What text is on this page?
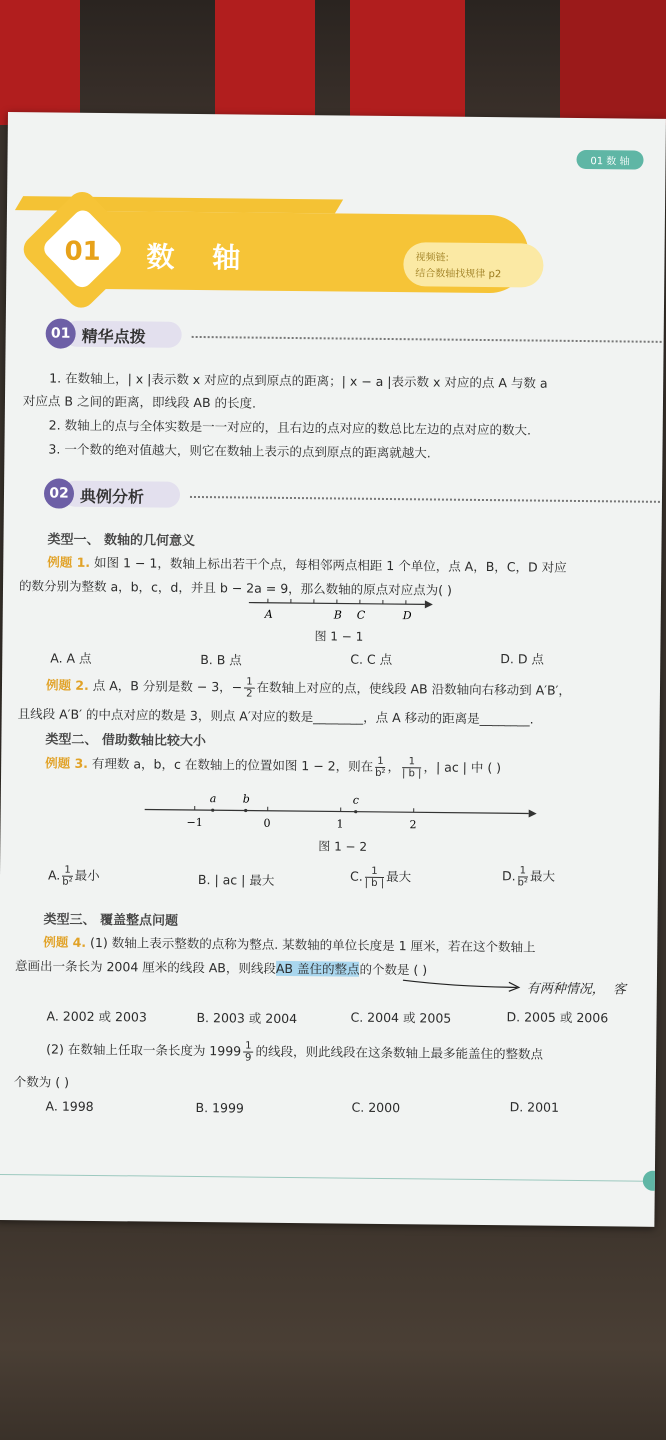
01 数 轴
视频链:
结合数轴找规律 p2
01 数 轴
01 精华点拨
1. 在数轴上，| x |表示数 x 对应的点到原点的距离；| x − a |表示数 x 对应的点 A 与数 a
对应点 B 之间的距离，即线段 AB 的长度.
2. 数轴上的点与全体实数是一一对应的，且右边的点对应的数总比左边的点对应的数大.
3. 一个数的绝对值越大，则它在数轴上表示的点到原点的距离就越大.
02 典例分析
类型一、 数轴的几何意义
例题 1. 如图 1 − 1，数轴上标出若干个点，每相邻两点相距 1 个单位，点 A，B，C，D 对应
的数分别为整数 a，b，c，d，并且 b − 2a = 9，那么数轴的原点对应点为( )
A	B C	D
图 1 − 1
A. A 点	B. B 点	C. C 点	D. D 点
例题 2. 点 A，B 分别是数 − 3，− $\frac{1}{2}$ 在数轴上对应的点，使线段 AB 沿数轴向右移动到 A′B′，
且线段 A′B′ 的中点对应的数是 3，则点 A′对应的数是________，点 A 移动的距离是________.
类型二、 借助数轴比较大小
例题 3. 有理数 a，b，c 在数轴上的位置如图 1 − 2，则在 $\frac{1}{\text{b²}}$ ， $\frac{1}{| b |}$ ，| ac | 中 ( )
a b	c
−1	0	1	2
图 1 − 2
A. $\frac{1}{\text{b²}}$ 最小	B. | ac | 最大	C. $\frac{1}{| b |}$ 最大	D. $\frac{1}{\text{b²}}$ 最大
类型三、 覆盖整点问题
例题 4. (1) 数轴上表示整数的点称为整点. 某数轴的单位长度是 1 厘米，若在这个数轴上
意画出一条长为 2004 厘米的线段 AB，则线段AB 盖住的整点的个数是 ( )
有两种情况， 客
A. 2002 或 2003	B. 2003 或 2004	C. 2004 或 2005	D. 2005 或 2006
(2) 在数轴上任取一条长度为 $1999 \frac{1}{9}$ 的线段，则此线段在这条数轴上最多能盖住的整数点
个数为 ( )
A. 1998	B. 1999	C. 2000	D. 2001
